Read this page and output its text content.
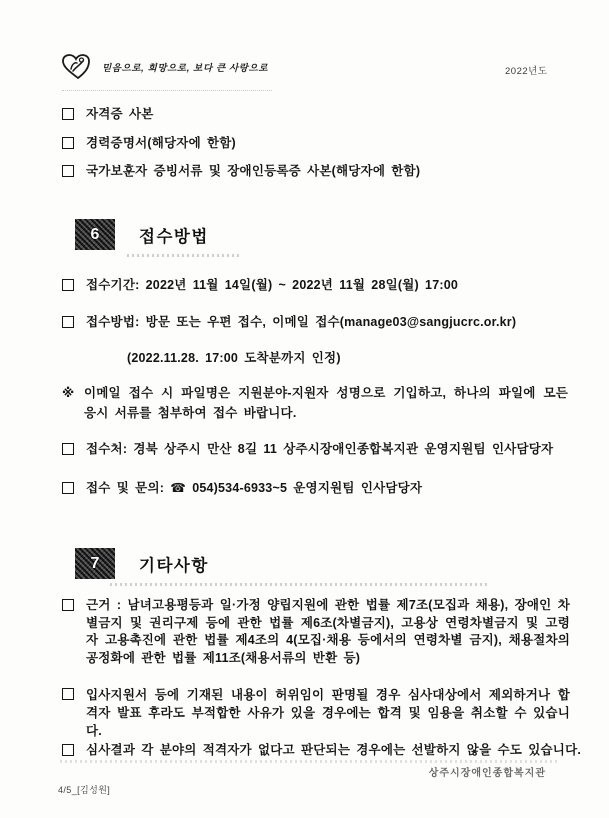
믿음으로, 희망으로, 보다 큰 사랑으로	2022년도
자격증 사본
경력증명서(해당자에 한함)
국가보훈자 증빙서류 및 장애인등록증 사본(해당자에 한함)
6	접수방법
접수기간: 2022년 11월 14일(월) ~ 2022년 11월 28일(월) 17:00
접수방법: 방문 또는 우편 접수, 이메일 접수(manage03@sangjucrc.or.kr)
(2022.11.28. 17:00 도착분까지 인정)
※ 이메일 접수 시 파일명은 지원분야-지원자 성명으로 기입하고, 하나의 파일에 모든 응시 서류를 첨부하여 접수 바랍니다.
접수처: 경북 상주시 만산 8길 11 상주시장애인종합복지관 운영지원팀 인사담당자
접수 및 문의: ☎ 054)534-6933~5 운영지원팀 인사담당자
7	기타사항
근거 : 남녀고용평등과 일·가정 양립지원에 관한 법률 제7조(모집과 채용), 장애인 차별금지 및 권리구제 등에 관한 법률 제6조(차별금지), 고용상 연령차별금지 및 고령자 고용촉진에 관한 법률 제4조의 4(모집·채용 등에서의 연령차별 금지), 채용절차의 공정화에 관한 법률 제11조(채용서류의 반환 등)
입사지원서 등에 기재된 내용이 허위임이 판명될 경우 심사대상에서 제외하거나 합격자 발표 후라도 부적합한 사유가 있을 경우에는 합격 및 임용을 취소할 수 있습니다.
심사결과 각 분야의 적격자가 없다고 판단되는 경우에는 선발하지 않을 수도 있습니다.
상주시장애인종합복지관
4/5_[김성원]
